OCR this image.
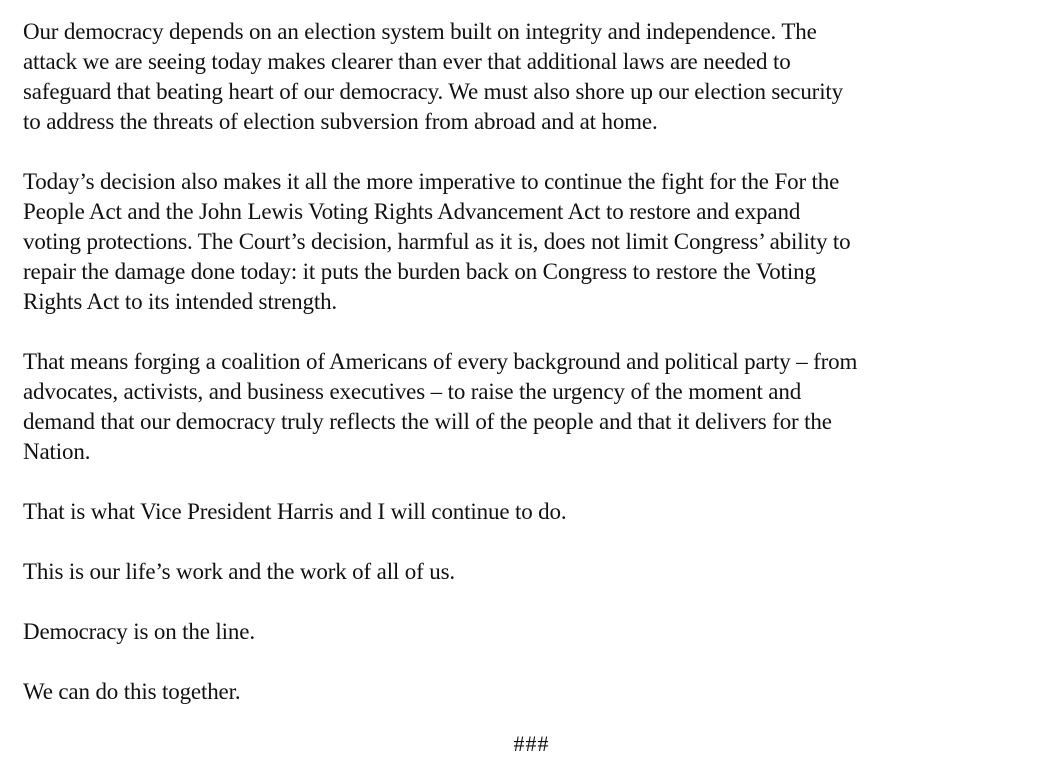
Our democracy depends on an election system built on integrity and independence. The
attack we are seeing today makes clearer than ever that additional laws are needed to
safeguard that beating heart of our democracy. We must also shore up our election security
to address the threats of election subversion from abroad and at home.

Today’s decision also makes it all the more imperative to continue the fight for the For the
People Act and the John Lewis Voting Rights Advancement Act to restore and expand
voting protections. The Court’s decision, harmful as it is, does not limit Congress’ ability to
repair the damage done today: it puts the burden back on Congress to restore the Voting
Rights Act to its intended strength.

That means forging a coalition of Americans of every background and political party – from
advocates, activists, and business executives – to raise the urgency of the moment and
demand that our democracy truly reflects the will of the people and that it delivers for the
Nation.

That is what Vice President Harris and I will continue to do.

This is our life’s work and the work of all of us.

Democracy is on the line.

We can do this together.

###
